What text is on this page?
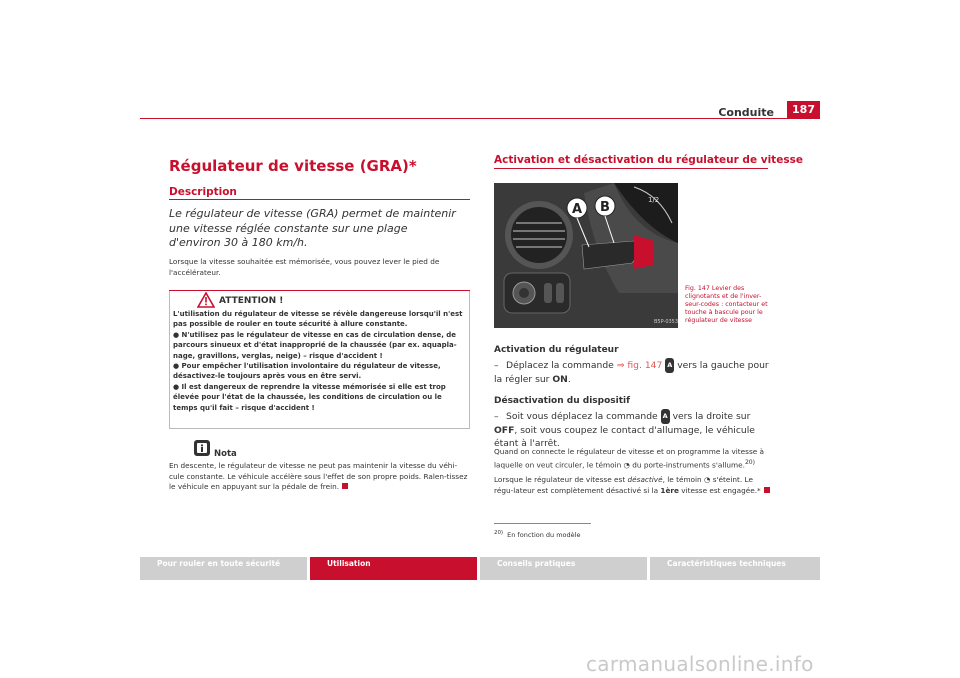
Conduite	187
Régulateur de vitesse (GRA)*
Description
Le régulateur de vitesse (GRA) permet de maintenir une vitesse réglée constante sur une plage d'environ 30 à 180 km/h.
Lorsque la vitesse souhaitée est mémorisée, vous pouvez lever le pied de l'accélérateur.
ATTENTION !

L'utilisation du régulateur de vitesse se révèle dangereuse lorsqu'il n'est pas possible de rouler en toute sécurité à allure constante.

● N'utilisez pas le régulateur de vitesse en cas de circulation dense, de parcours sinueux et d'état inapproprié de la chaussée (par ex. aquapla-nage, gravillons, verglas, neige) – risque d'accident !

● Pour empêcher l'utilisation involontaire du régulateur de vitesse, désactivez-le toujours après vous en être servi.

● Il est dangereux de reprendre la vitesse mémorisée si elle est trop élevée pour l'état de la chaussée, les conditions de circulation ou le temps qu'il fait – risque d'accident !

Nota
En descente, le régulateur de vitesse ne peut pas maintenir la vitesse du véhi-cule constante. Le véhicule accélère sous l'effet de son propre poids. Ralen-tissez le véhicule en appuyant sur la pédale de frein.
Activation et désactivation du régulateur de vitesse
1/2
A B
B5P-0353
Fig. 147 Levier des clignotants et de l'inver-seur-codes : contacteur et touche à bascule pour le régulateur de vitesse
Activation du régulateur
– Déplacez la commande ⇒ fig. 147 A vers la gauche pour la régler sur ON.
Désactivation du dispositif
– Soit vous déplacez la commande A vers la droite sur OFF, soit vous coupez le contact d'allumage, le véhicule étant à l'arrêt.
Quand on connecte le régulateur de vitesse et on programme la vitesse à laquelle on veut circuler, le témoin ◔ du porte-instruments s'allume.$^{20)}$
Lorsque le régulateur de vitesse est désactivé, le témoin ◔ s'éteint. Le régu-lateur est complètement désactivé si la 1ère vitesse est engagée.*
$^{20)}$ En fonction du modèle
Pour rouler en toute sécurité	Utilisation	Conseils pratiques	Caractéristiques techniques
carmanualsonline.info
